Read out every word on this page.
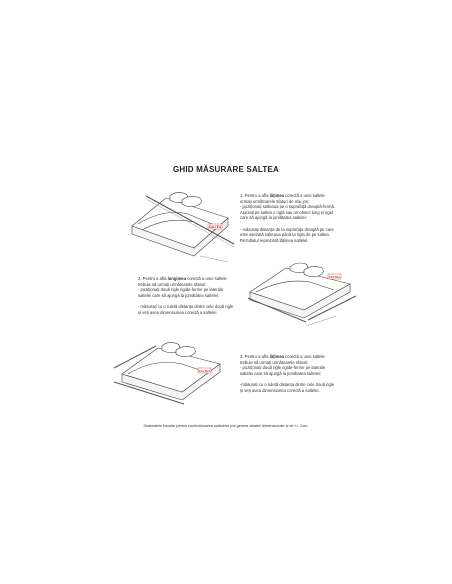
GHID MĂSURARE SALTEA
SALTEA

1. Pentru a afla lățimea corectă a unei saltele

urmați următoarele sfaturi de mai jos:

- poziționați salteaua pe o suprafață dreaptă-fermă.

Așezați pe saltea o riglă sau un obiect lung și rigid

care să ajungă la jumătatea saltelei.

- măsurați distanța de la suprafața dreaptă pe care

este așezată salteaua până la rigla de pe saltea.

Rezultatul reprezintă lățimea saltelei.

2. Pentru a afla lungimea corectă a unei saltele

trebuie să urmați următoarele sfaturi:

- poziționați două rigle rigide-ferme pe laterale

saltelei care să ajungă la jumătatea saltelei;

- măsurați cu o ruletă distanța dintre cele două rigle

și veți avea dimensiunea corectă a saltelei.

SALTEA
SALTEA

3. Pentru a afla lățimea corectă a unei saltele

trebuie să urmați următoarele sfaturi:

- poziționați două rigle rigide-ferme pe laterale

saltelei care să ajungă la jumătatea saltelei;

-măsurați cu o ruletă distanța dintre cele două rigle

și veți avea dimensiunea corectă a saltelei.

Materialele folosite pentru confecționarea saltelelor pot genera abateri dimensionale și de +/- 2cm.
